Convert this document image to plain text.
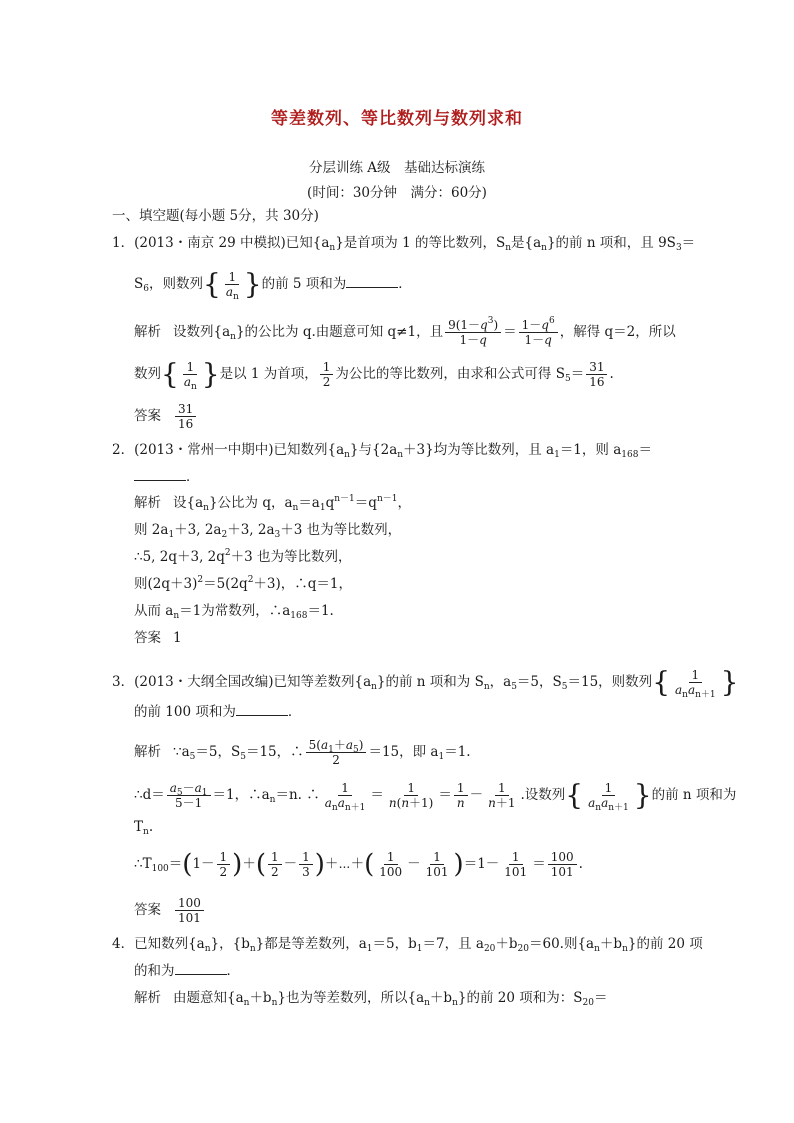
等差数列、等比数列与数列求和
分层训练 A级　基础达标演练
(时间：30分钟　满分：60分)
一、填空题(每小题 5分，共 30分)
1．(2013・南京 29 中模拟)已知$\{a_n\}$是首项为 1 的等比数列，$S_n$是$\{a_n\}$的前 n 项和，且 $9S_3=$
$S_6$，则数列{ $\frac{1}{a_n}$ }的前 5 项和为	．
解析 设数列$\{a_n\}$的公比为 q.由题意可知 q≠1，且 $\frac{9(1-q^3)}{1-q} = \frac{1-q^6}{1-q}$ ，解得 q＝2，所以
数列{ $\frac{1}{a_n}$ }是以 1 为首项， $\frac{1}{2}$ 为公比的等比数列，由求和公式可得 $S_5= \frac{31}{16}$ .
答案 $\frac{31}{16}$
2．(2013・常州一中期中)已知数列$\{a_n\}$与$\{2a_n+3\}$均为等比数列，且 $a_1=1$，则 $a_{168}=$
．
解析 设$\{a_n\}$公比为 q，$a_n=a_1q^{n-1}=q^{n-1}$，
则 $2a_1+3$, $2a_2+3$, $2a_3+3$ 也为等比数列，
∴5, 2q＋3, $2q^2+3$ 也为等比数列，
则$(2q+3)^2=5(2q^2+3)$，∴q＝1，
从而 $a_n=1$为常数列，$\therefore a_{168}=1$.
答案 1
3．(2013・大纲全国改编)已知等差数列$\{a_n\}$的前 n 项和为 $S_n$，$a_5=5$，$S_5=15$，则数列{ $\frac{1}{a_na_{n+1}}$ }
的前 100 项和为	．
解析 $\because a_5=5$，$S_5=15$，∴ $\frac{5(a_1+a_5)}{2} =15$，即 $a_1=1$.
∴d＝ $\frac{a_5-a_1}{5-1} =1$，$\therefore a_n=n$. ∴ $\frac{1}{a_na_{n+1}} = \frac{1}{n(n+1)} = \frac{1}{n} - \frac{1}{n+1}$ .设数列{ $\frac{1}{a_na_{n+1}}$ }的前 n 项和为
$T_n$.
$\therefore T_{100}=(1- \frac{1}{2}$ )＋( $\frac{1}{2} - \frac{1}{3}$ )＋⋯＋( $\frac{1}{100} - \frac{1}{101} )=1- \frac{1}{101} = \frac{100}{101}$ .
答案 $\frac{100}{101}$
4．已知数列$\{a_n\}$，$\{b_n\}$都是等差数列，$a_1=5$，$b_1=7$，且 $a_{20}+b_{20}=60$.则$\{a_n+b_n\}$的前 20 项
的和为	．
解析 由题意知$\{a_n+b_n\}$也为等差数列，所以$\{a_n+b_n\}$的前 20 项和为：$S_{20}=$
